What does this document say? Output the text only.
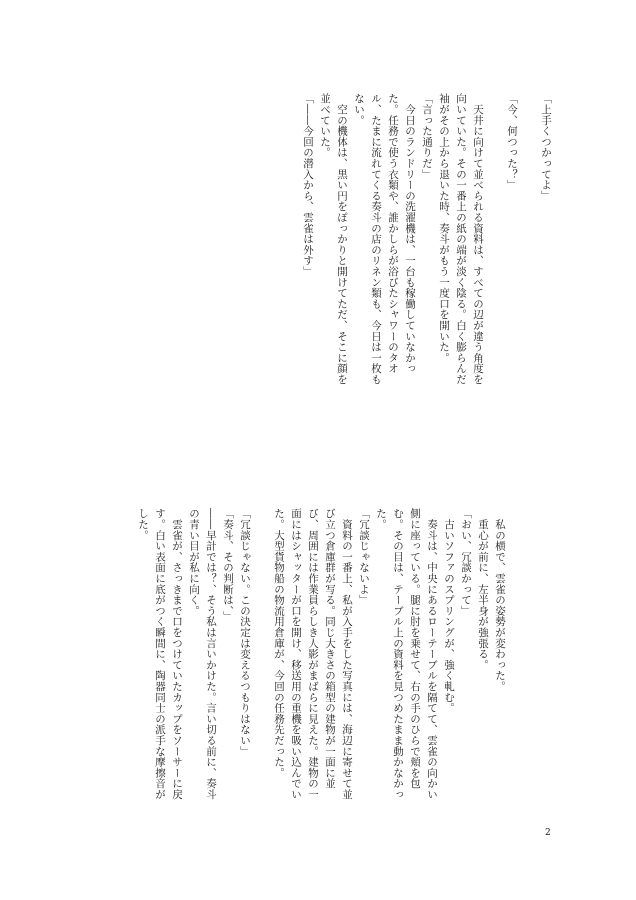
「上手くつかってよ」

「今、何つった？」

　天井に向けて並べられる資料は、すべての辺が違う角度を向いていた。その一番上の紙の端が淡く陰る。白く膨らんだ袖がその上から退いた時、奏斗がもう一度口を開いた。

「言った通りだ」

　今日のランドリーの洗濯機は、一台も稼働していなかった。任務で使う衣類や、誰かしらが浴びたシャワーのタオル、たまに流れてくる奏斗の店のリネン類も、今日は一枚もない。

　空の機体は、黒い円をぽっかりと開けてただ、そこに顔を並べていた。

「――今回の潜入から、雲雀は外す」

　私の横で、雲雀の姿勢が変わった。

　重心が前に、左半身が強張る。

「おい、冗談かって」

　古いソファのスプリングが、強く軋む。

　奏斗は、中央にあるローテーブルを隔てて、雲雀の向かい側に座っている。腿に肘を乗せて、右の手のひらで頬を包む。その目は、テーブル上の資料を見つめたまま動かなかった。

「冗談じゃないよ」

　資料の一番上、私が入手をした写真には、海辺に寄せて並び立つ倉庫群が写る。同じ大きさの箱型の建物が一面に並び、周囲には作業員らしき人影がまばらに見えた。建物の一面にはシャッターが口を開け、移送用の重機を吸い込んでいた。大型貨物船の物流用倉庫が、今回の任務先だった。

「冗談じゃない。この決定は変えるつもりはない」

「奏斗、その判断は、」

――早計では？、そう私は言いかけた。言い切る前に、奏斗の青い目が私に向く。

　雲雀が、さっきまで口をつけていたカップをソーサーに戻す。白い表面に底がつく瞬間に、陶器同士の派手な摩擦音がした。

2
